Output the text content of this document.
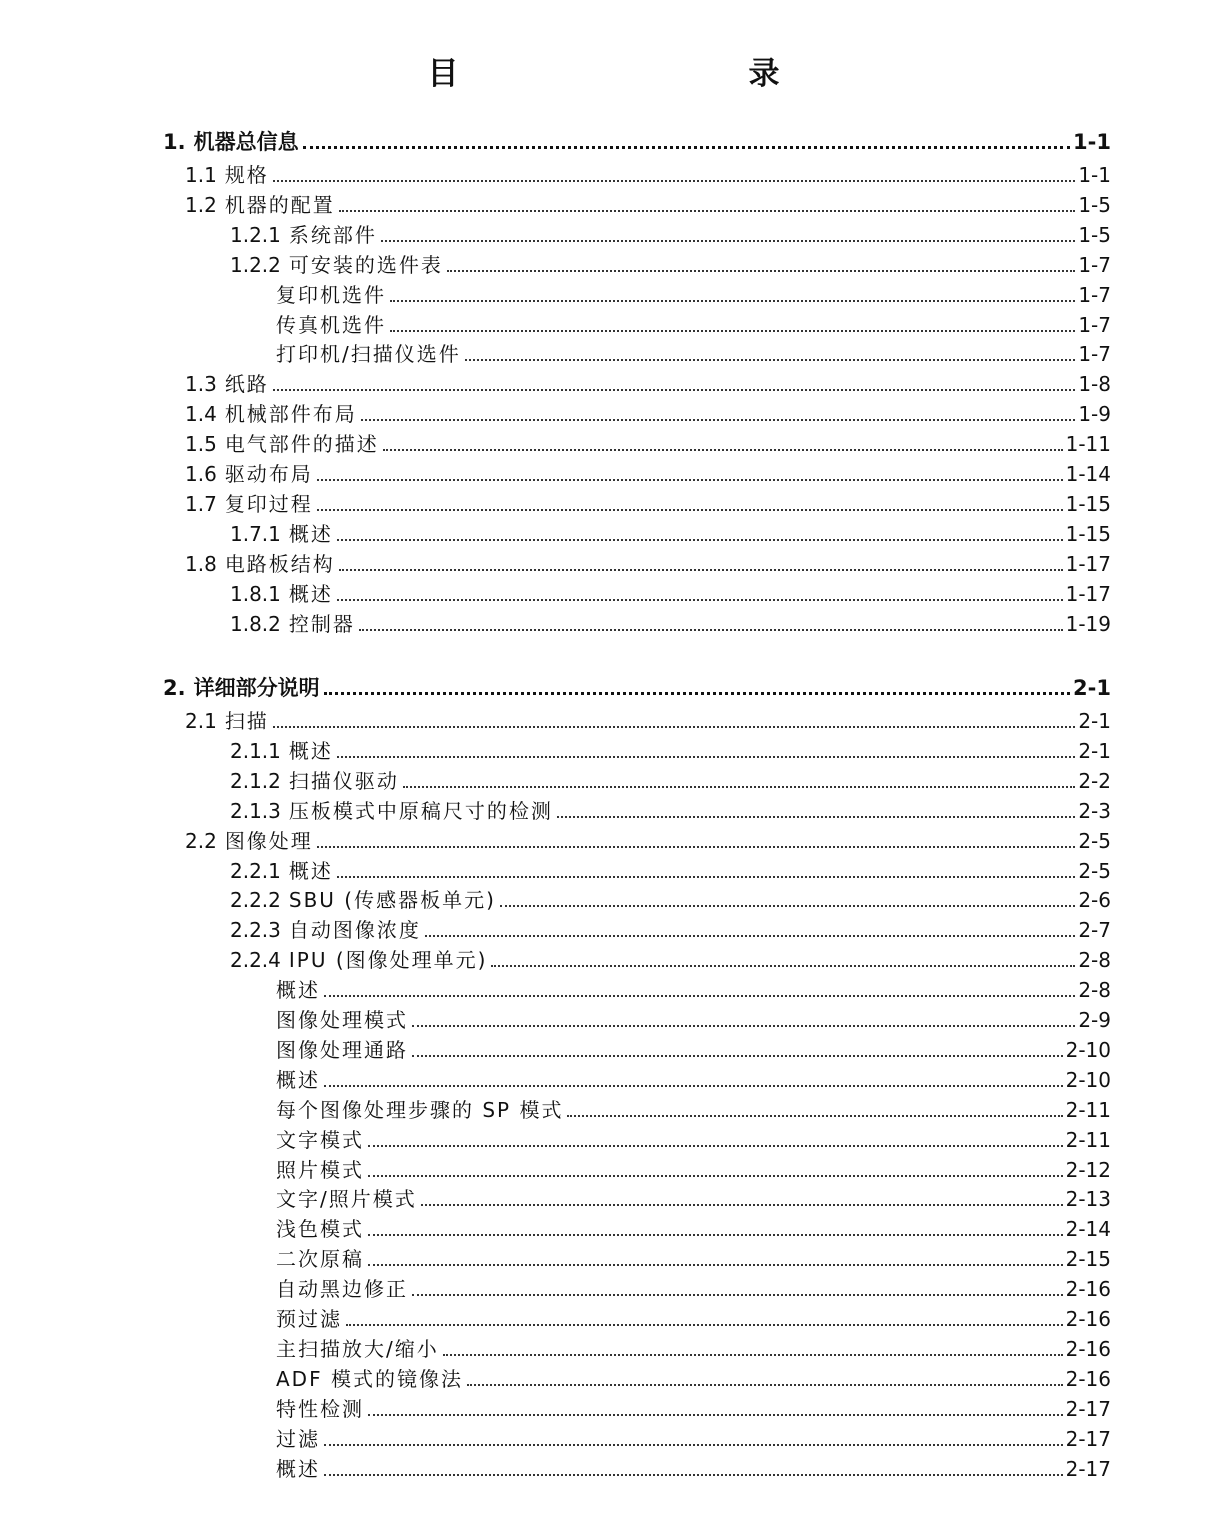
目　　录
1. 机器总信息	1-1
1.1 规格	1-1
1.2 机器的配置	1-5
1.2.1 系统部件	1-5
1.2.2 可安装的选件表	1-7
复印机选件	1-7
传真机选件	1-7
打印机/扫描仪选件	1-7
1.3 纸路	1-8
1.4 机械部件布局	1-9
1.5 电气部件的描述	1-11
1.6 驱动布局	1-14
1.7 复印过程	1-15
1.7.1 概述	1-15
1.8 电路板结构	1-17
1.8.1 概述	1-17
1.8.2 控制器	1-19
2. 详细部分说明	2-1
2.1 扫描	2-1
2.1.1 概述	2-1
2.1.2 扫描仪驱动	2-2
2.1.3 压板模式中原稿尺寸的检测	2-3
2.2 图像处理	2-5
2.2.1 概述	2-5
2.2.2 SBU (传感器板单元)	2-6
2.2.3 自动图像浓度	2-7
2.2.4 IPU (图像处理单元)	2-8
概述	2-8
图像处理模式	2-9
图像处理通路	2-10
概述	2-10
每个图像处理步骤的 SP 模式	2-11
文字模式	2-11
照片模式	2-12
文字/照片模式	2-13
浅色模式	2-14
二次原稿	2-15
自动黑边修正	2-16
预过滤	2-16
主扫描放大/缩小	2-16
ADF 模式的镜像法	2-16
特性检测	2-17
过滤	2-17
概述	2-17
